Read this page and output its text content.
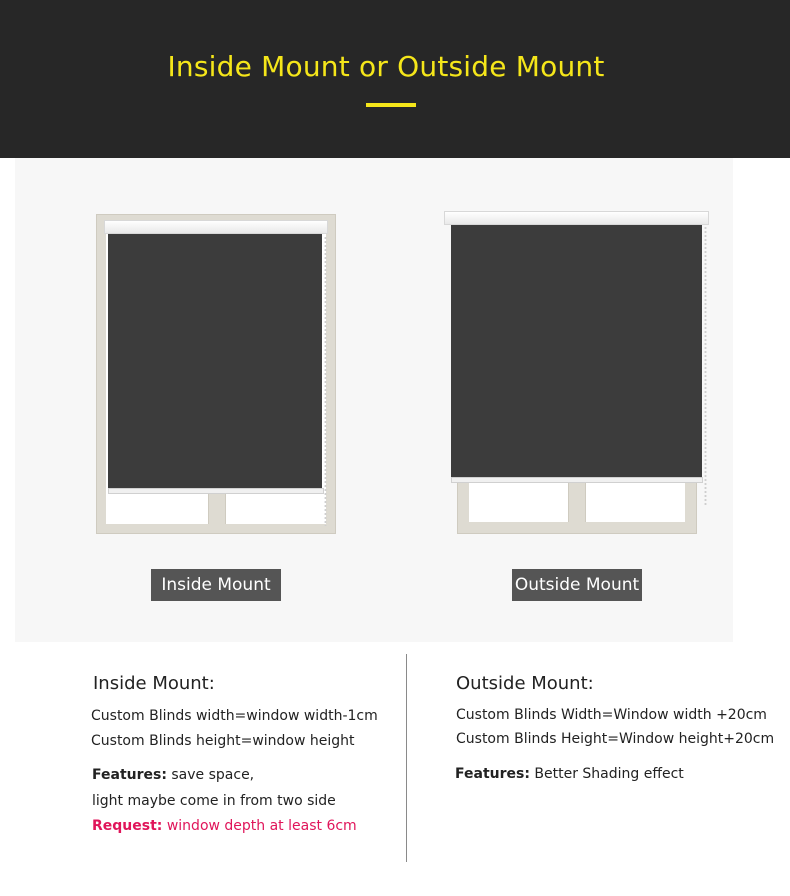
Inside Mount or Outside Mount
Inside Mount	Outside Mount
Inside Mount:
Custom Blinds width=window width-1cm
Custom Blinds height=window height
Features: save space,
light maybe come in from two side
Request: window depth at least 6cm
Outside Mount:
Custom Blinds Width=Window width +20cm
Custom Blinds Height=Window height+20cm
Features: Better Shading effect
